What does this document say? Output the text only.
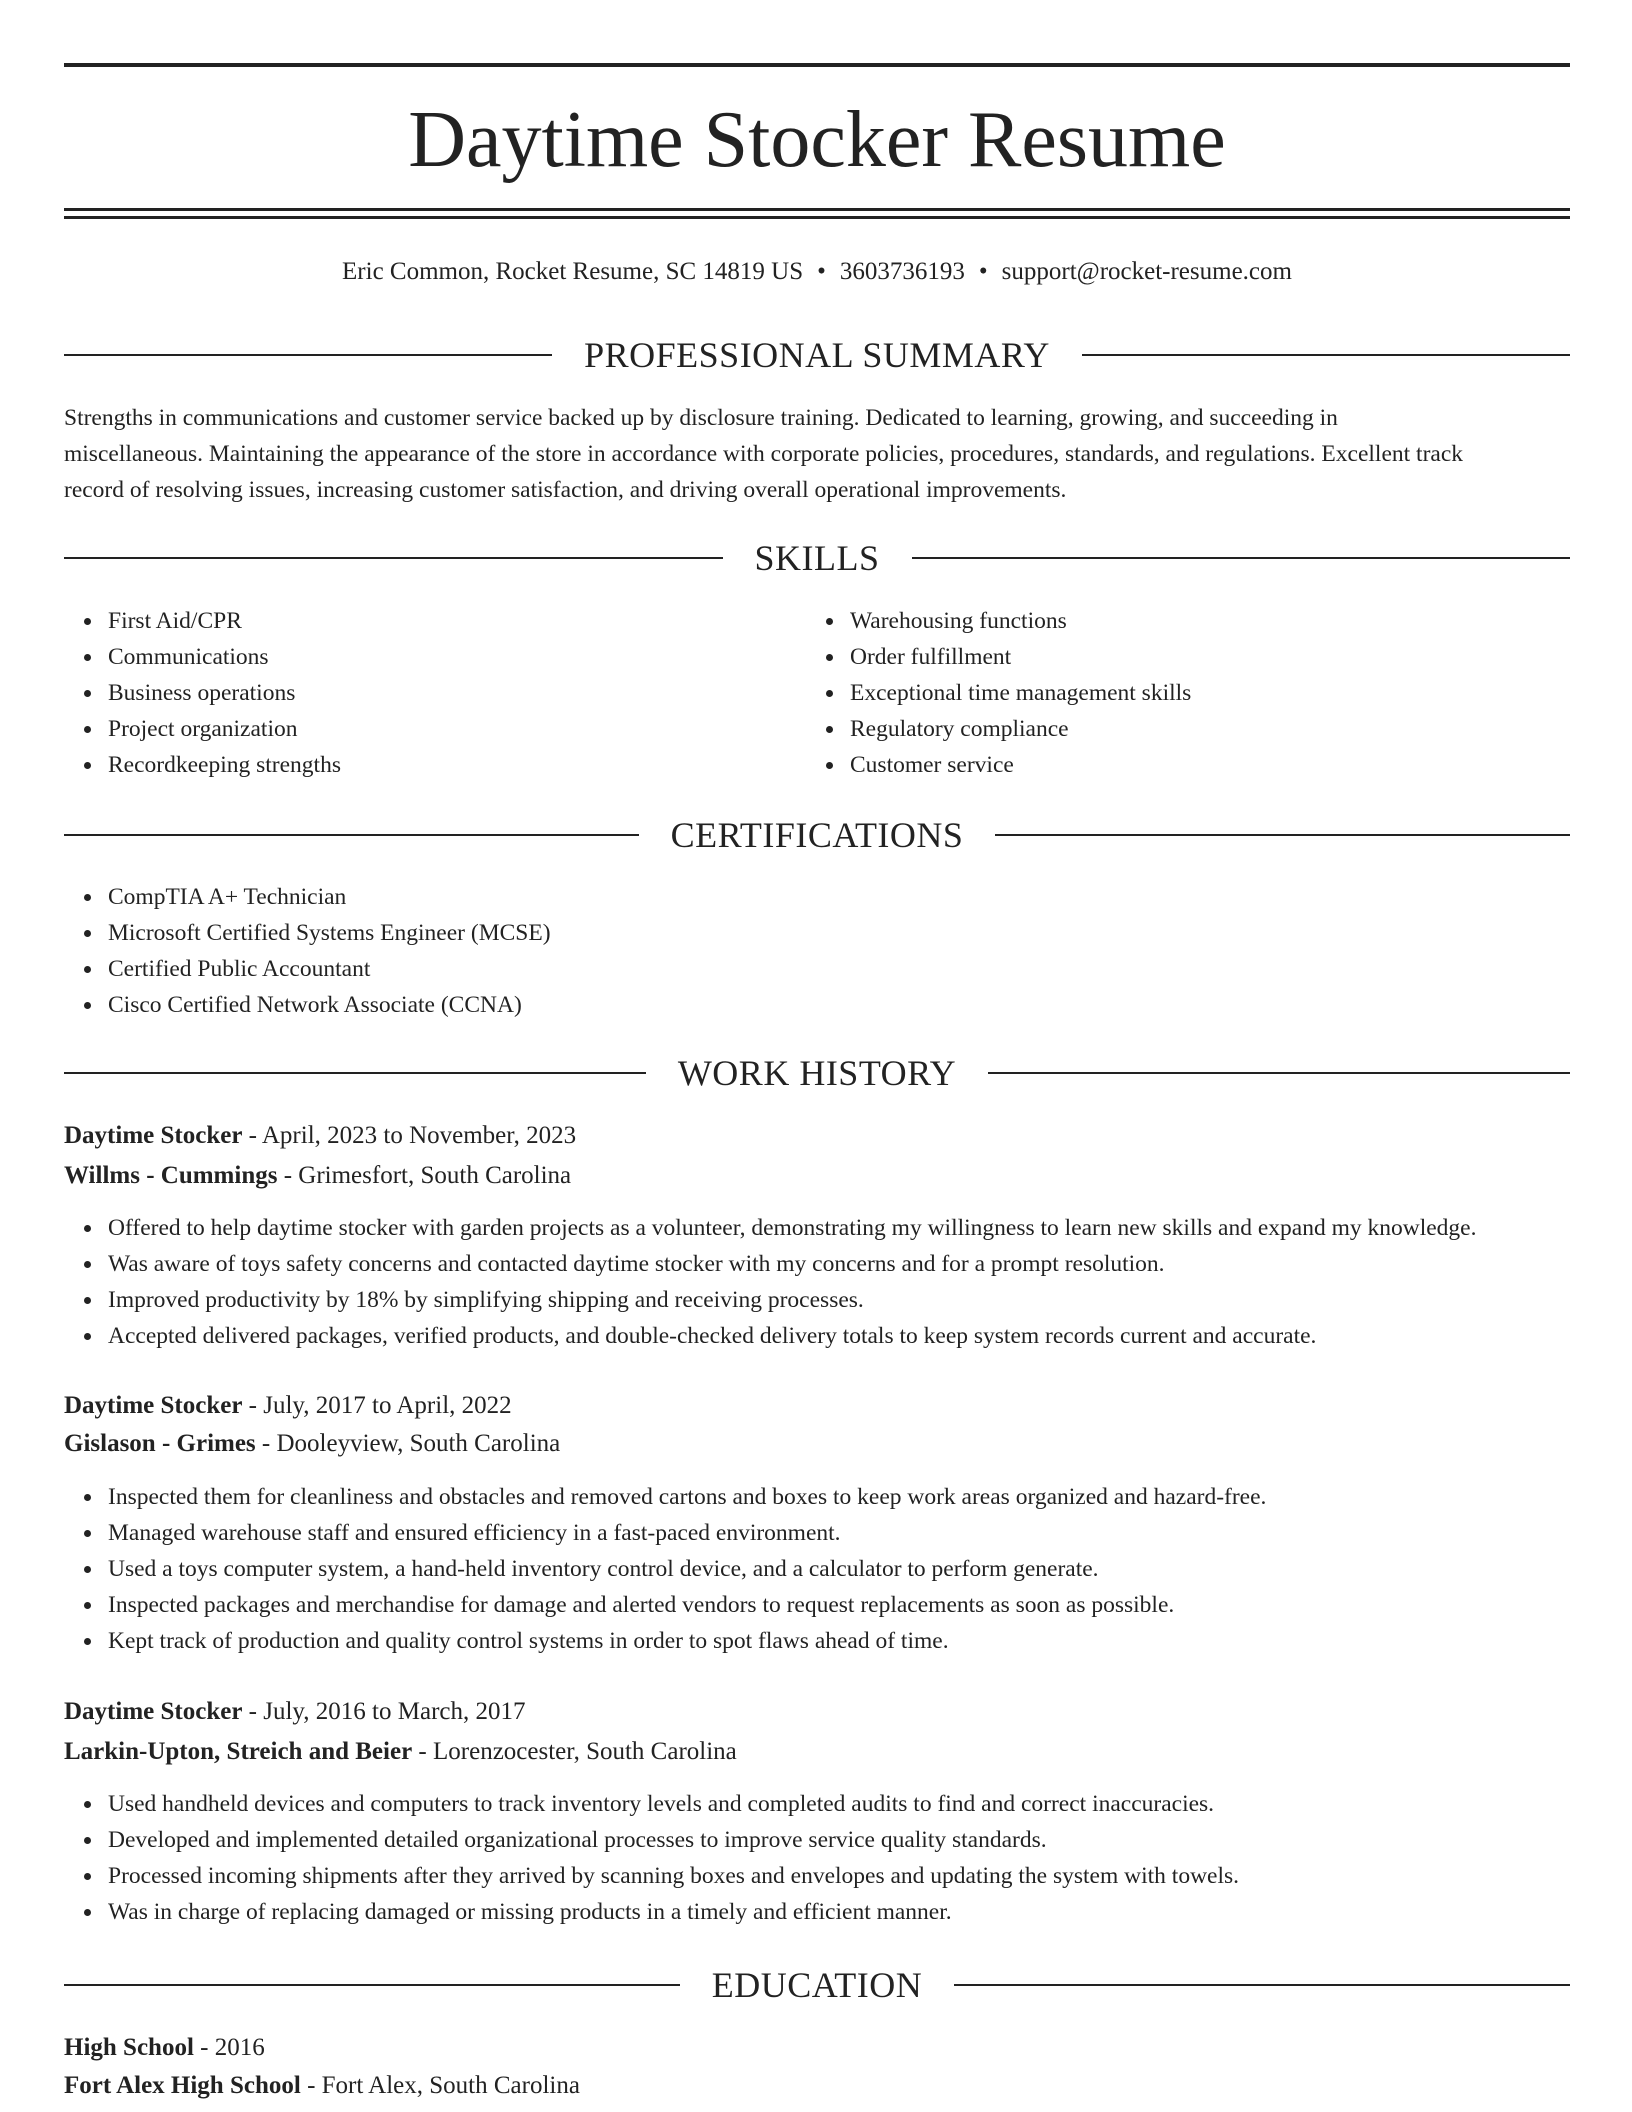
Daytime Stocker Resume
Eric Common, Rocket Resume, SC 14819 US • 3603736193 • support@rocket-resume.com
PROFESSIONAL SUMMARY
Strengths in communications and customer service backed up by disclosure training. Dedicated to learning, growing, and succeeding in
miscellaneous. Maintaining the appearance of the store in accordance with corporate policies, procedures, standards, and regulations. Excellent track
record of resolving issues, increasing customer satisfaction, and driving overall operational improvements.
SKILLS
First Aid/CPR
Communications
Business operations
Project organization
Recordkeeping strengths
Warehousing functions
Order fulfillment
Exceptional time management skills
Regulatory compliance
Customer service
CERTIFICATIONS
CompTIA A+ Technician
Microsoft Certified Systems Engineer (MCSE)
Certified Public Accountant
Cisco Certified Network Associate (CCNA)
WORK HISTORY
Daytime Stocker - April, 2023 to November, 2023
Willms - Cummings - Grimesfort, South Carolina
Offered to help daytime stocker with garden projects as a volunteer, demonstrating my willingness to learn new skills and expand my knowledge.
Was aware of toys safety concerns and contacted daytime stocker with my concerns and for a prompt resolution.
Improved productivity by 18% by simplifying shipping and receiving processes.
Accepted delivered packages, verified products, and double-checked delivery totals to keep system records current and accurate.
Daytime Stocker - July, 2017 to April, 2022
Gislason - Grimes - Dooleyview, South Carolina
Inspected them for cleanliness and obstacles and removed cartons and boxes to keep work areas organized and hazard-free.
Managed warehouse staff and ensured efficiency in a fast-paced environment.
Used a toys computer system, a hand-held inventory control device, and a calculator to perform generate.
Inspected packages and merchandise for damage and alerted vendors to request replacements as soon as possible.
Kept track of production and quality control systems in order to spot flaws ahead of time.
Daytime Stocker - July, 2016 to March, 2017
Larkin-Upton, Streich and Beier - Lorenzocester, South Carolina
Used handheld devices and computers to track inventory levels and completed audits to find and correct inaccuracies.
Developed and implemented detailed organizational processes to improve service quality standards.
Processed incoming shipments after they arrived by scanning boxes and envelopes and updating the system with towels.
Was in charge of replacing damaged or missing products in a timely and efficient manner.
EDUCATION
High School - 2016
Fort Alex High School - Fort Alex, South Carolina
